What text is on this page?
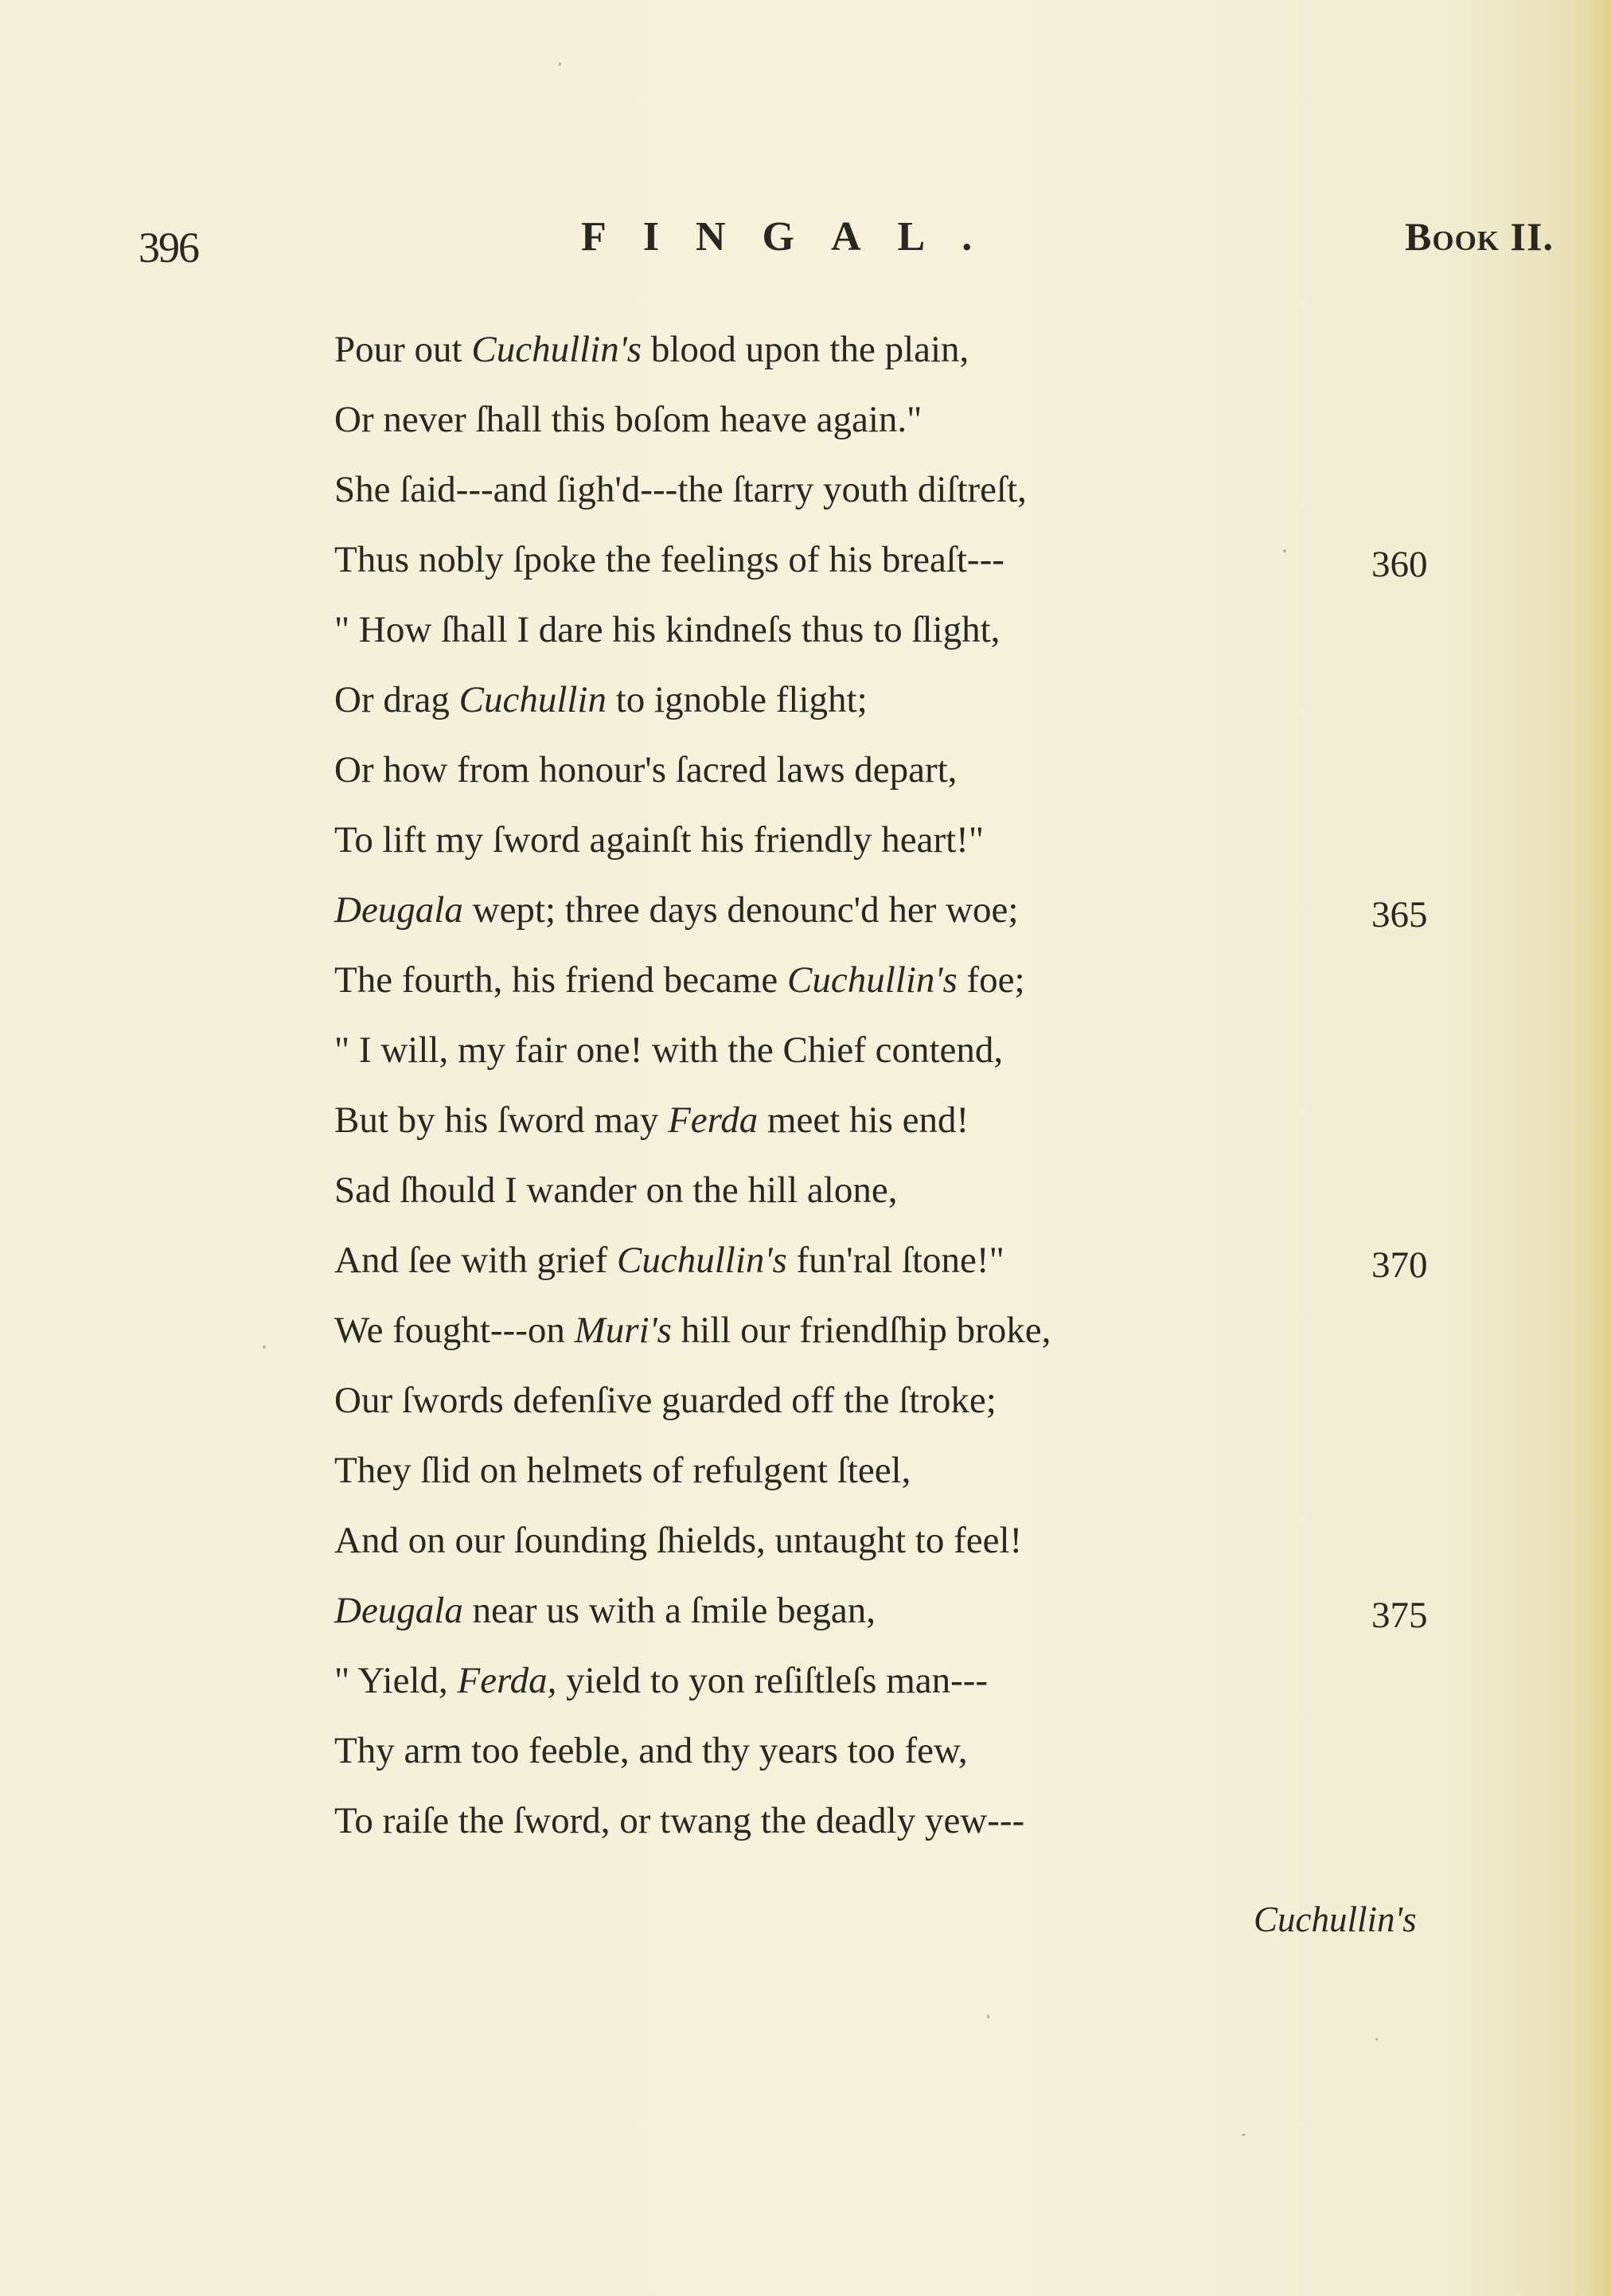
396	FINGAL.	Book II.
Pour out Cuchullin's blood upon the plain,
Or never ſhall this boſom heave again."
She ſaid---and ſigh'd---the ſtarry youth diſtreſt,
Thus nobly ſpoke the feelings of his breaſt---	360
" How ſhall I dare his kindneſs thus to ſlight,
Or drag Cuchullin to ignoble flight;
Or how from honour's ſacred laws depart,
To lift my ſword againſt his friendly heart!"
Deugala wept; three days denounc'd her woe;	365
The fourth, his friend became Cuchullin's foe;
" I will, my fair one! with the Chief contend,
But by his ſword may Ferda meet his end!
Sad ſhould I wander on the hill alone,
And ſee with grief Cuchullin's fun'ral ſtone!"	370
We fought---on Muri's hill our friendſhip broke,
Our ſwords defenſive guarded off the ſtroke;
They ſlid on helmets of refulgent ſteel,
And on our ſounding ſhields, untaught to feel!
Deugala near us with a ſmile began,	375
" Yield, Ferda, yield to yon reſiſtleſs man---
Thy arm too feeble, and thy years too few,
To raiſe the ſword, or twang the deadly yew---
Cuchullin's
